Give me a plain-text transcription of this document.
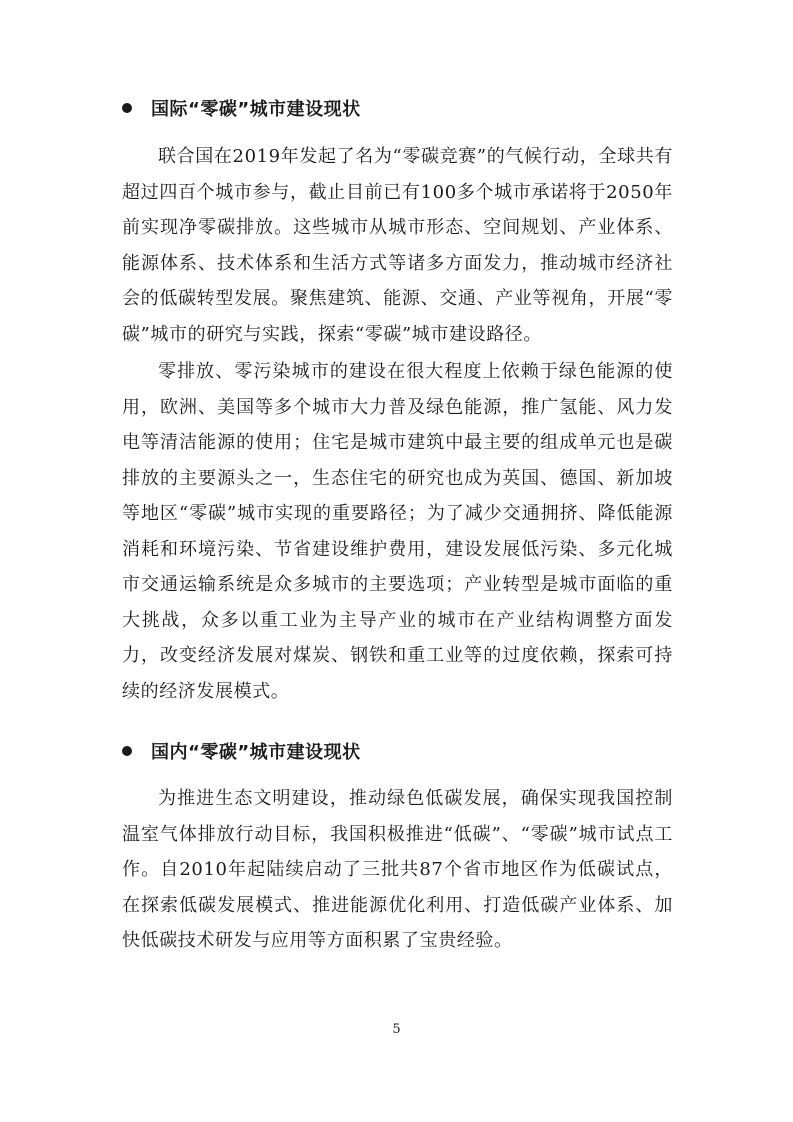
国际“零碳”城市建设现状

联合国在2019年发起了名为“零碳竞赛”的气候行动，全球共有超过四百个城市参与，截止目前已有100多个城市承诺将于2050年前实现净零碳排放。这些城市从城市形态、空间规划、产业体系、能源体系、技术体系和生活方式等诸多方面发力，推动城市经济社会的低碳转型发展。聚焦建筑、能源、交通、产业等视角，开展“零碳”城市的研究与实践，探索“零碳”城市建设路径。

零排放、零污染城市的建设在很大程度上依赖于绿色能源的使用，欧洲、美国等多个城市大力普及绿色能源，推广氢能、风力发电等清洁能源的使用；住宅是城市建筑中最主要的组成单元也是碳排放的主要源头之一，生态住宅的研究也成为英国、德国、新加坡等地区“零碳”城市实现的重要路径；为了减少交通拥挤、降低能源消耗和环境污染、节省建设维护费用，建设发展低污染、多元化城市交通运输系统是众多城市的主要选项；产业转型是城市面临的重大挑战，众多以重工业为主导产业的城市在产业结构调整方面发力，改变经济发展对煤炭、钢铁和重工业等的过度依赖，探索可持续的经济发展模式。

国内“零碳”城市建设现状

为推进生态文明建设，推动绿色低碳发展，确保实现我国控制温室气体排放行动目标，我国积极推进“低碳”、“零碳”城市试点工作。自2010年起陆续启动了三批共87个省市地区作为低碳试点，在探索低碳发展模式、推进能源优化利用、打造低碳产业体系、加快低碳技术研发与应用等方面积累了宝贵经验。

5
